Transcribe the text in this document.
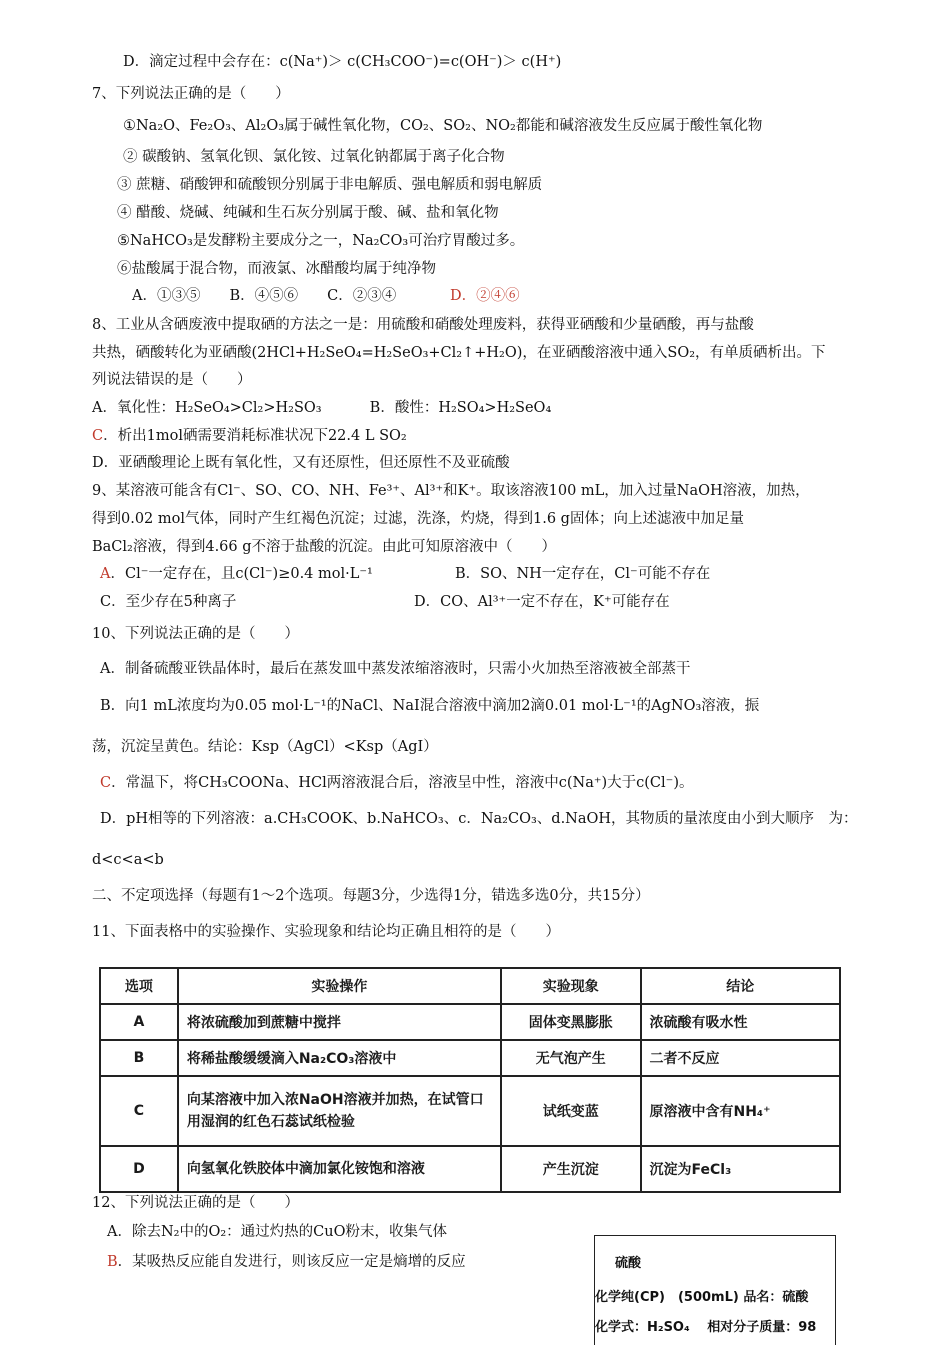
D．滴定过程中会存在：c(Na⁺)＞ c(CH₃COO⁻)=c(OH⁻)＞ c(H⁺)
7、下列说法正确的是（　　）
①Na₂O、Fe₂O₃、Al₂O₃属于碱性氧化物，CO₂、SO₂、NO₂都能和碱溶液发生反应属于酸性氧化物
② 碳酸钠、氢氧化钡、氯化铵、过氧化钠都属于离子化合物
③ 蔗糖、硝酸钾和硫酸钡分别属于非电解质、强电解质和弱电解质
④ 醋酸、烧碱、纯碱和生石灰分别属于酸、碱、盐和氧化物
⑤NaHCO₃是发酵粉主要成分之一，Na₂CO₃可治疗胃酸过多。
⑥盐酸属于混合物，而液氯、冰醋酸均属于纯净物
A．①③⑤　　B．④⑤⑥　　C．②③④	D．②④⑥
8、工业从含硒废液中提取硒的方法之一是：用硫酸和硝酸处理废料，获得亚硒酸和少量硒酸，再与盐酸
共热，硒酸转化为亚硒酸(2HCl+H₂SeO₄=H₂SeO₃+Cl₂↑+H₂O)，在亚硒酸溶液中通入SO₂，有单质硒析出。下
列说法错误的是（　　）
A．氧化性：H₂SeO₄>Cl₂>H₂SO₃　　　 B．酸性：H₂SO₄>H₂SeO₄
C．析出1mol硒需要消耗标准状况下22.4 L SO₂
D．亚硒酸理论上既有氧化性，又有还原性，但还原性不及亚硫酸
9、某溶液可能含有Cl⁻、SO、CO、NH、Fe³⁺、Al³⁺和K⁺。取该溶液100 mL，加入过量NaOH溶液，加热，
得到0.02 mol气体，同时产生红褐色沉淀；过滤，洗涤，灼烧，得到1.6 g固体；向上述滤液中加足量
BaCl₂溶液，得到4.66 g不溶于盐酸的沉淀。由此可知原溶液中（　　）
A．Cl⁻一定存在，且c(Cl⁻)≥0.4 mol·L⁻¹	B．SO、NH一定存在，Cl⁻可能不存在
C．至少存在5种离子	D．CO、Al³⁺一定不存在，K⁺可能存在
10、下列说法正确的是（　　）
A．制备硫酸亚铁晶体时，最后在蒸发皿中蒸发浓缩溶液时，只需小火加热至溶液被全部蒸干
B．向1 mL浓度均为0.05 mol·L⁻¹的NaCl、NaI混合溶液中滴加2滴0.01 mol·L⁻¹的AgNO₃溶液，振
荡，沉淀呈黄色。结论：Ksp（AgCl）<Ksp（AgI）
C．常温下，将CH₃COONa、HCl两溶液混合后，溶液呈中性，溶液中c(Na⁺)大于c(Cl⁻)。
D．pH相等的下列溶液：a.CH₃COOK、b.NaHCO₃、c．Na₂CO₃、d.NaOH，其物质的量浓度由小到大顺序　为：
d<c<a<b
二、不定项选择（每题有1～2个选项。每题3分，少选得1分，错选多选0分，共15分）
11、下面表格中的实验操作、实验现象和结论均正确且相符的是（　　）
选项	实验操作	实验现象	结论
A	将浓硫酸加到蔗糖中搅拌	固体变黑膨胀	浓硫酸有吸水性
B	将稀盐酸缓缓滴入Na₂CO₃溶液中	无气泡产生	二者不反应
C	向某溶液中加入浓NaOH溶液并加热，在试管口用湿润的红色石蕊试纸检验	试纸变蓝	原溶液中含有NH₄⁺
D	向氢氧化铁胶体中滴加氯化铵饱和溶液	产生沉淀	沉淀为FeCl₃
12、下列说法正确的是（　　）
A．除去N₂中的O₂：通过灼热的CuO粉末，收集气体
B．某吸热反应能自发进行，则该反应一定是熵增的反应	硫酸
化学纯(CP)　(500mL) 品名：硫酸
化学式：H₂SO₄　 相对分子质量：98
